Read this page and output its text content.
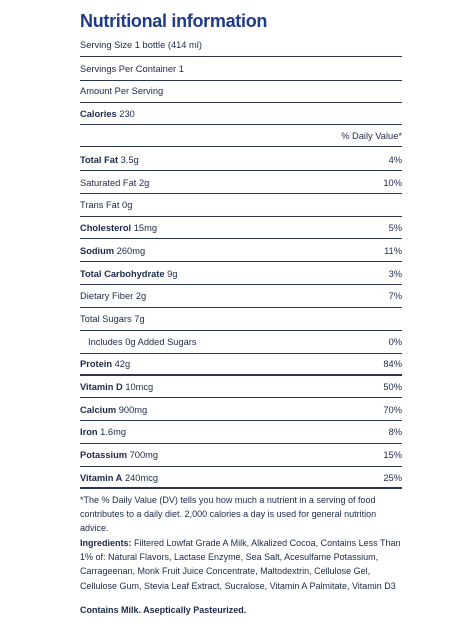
Nutritional information
Serving Size 1 bottle (414 ml)
Servings Per Container 1
Amount Per Serving
Calories 230
% Daily Value*
Total Fat 3.5g	4%
Saturated Fat 2g	10%
Trans Fat 0g
Cholesterol 15mg	5%
Sodium 260mg	11%
Total Carbohydrate 9g	3%
Dietary Fiber 2g	7%
Total Sugars 7g
Includes 0g Added Sugars	0%
Protein 42g	84%
Vitamin D 10mcg	50%
Calcium 900mg	70%
Iron 1.6mg	8%
Potassium 700mg	15%
Vitamin A 240mcg	25%
*The % Daily Value (DV) tells you how much a nutrient in a serving of food contributes to a daily diet. 2,000 calories a day is used for general nutrition advice.
Ingredients: Filtered Lowfat Grade A Milk, Alkalized Cocoa, Contains Less Than 1% of: Natural Flavors, Lactase Enzyme, Sea Salt, Acesulfame Potassium, Carrageenan, Monk Fruit Juice Concentrate, Maltodextrin, Cellulose Gel, Cellulose Gum, Stevia Leaf Extract, Sucralose, Vitamin A Palmitate, Vitamin D3
Contains Milk. Aseptically Pasteurized.
